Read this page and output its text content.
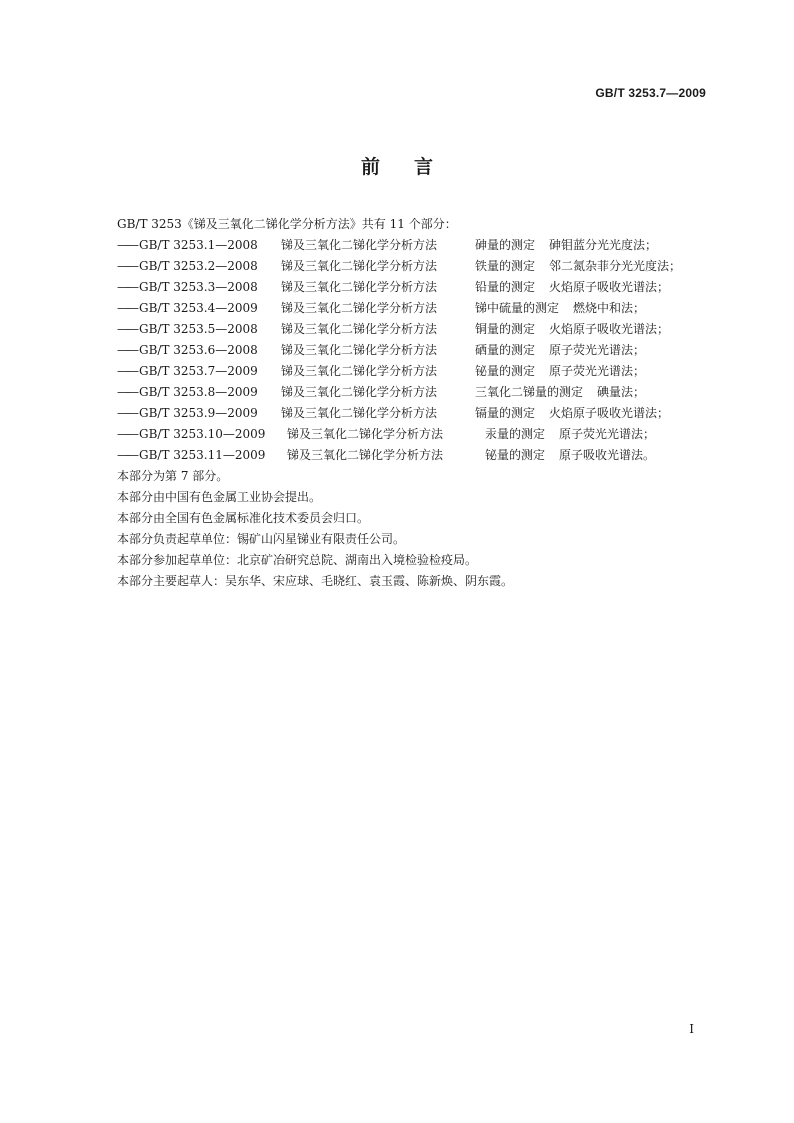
GB/T 3253.7—2009
前言
GB/T 3253《锑及三氧化二锑化学分析方法》共有 11 个部分：
—— GB/T 3253.1—2008 锑及三氧化二锑化学分析方法	砷量的测定 砷钼蓝分光光度法；
—— GB/T 3253.2—2008 锑及三氧化二锑化学分析方法	铁量的测定 邻二氮杂菲分光光度法；
—— GB/T 3253.3—2008 锑及三氧化二锑化学分析方法	铅量的测定 火焰原子吸收光谱法；
—— GB/T 3253.4—2009 锑及三氧化二锑化学分析方法	锑中硫量的测定 燃烧中和法；
—— GB/T 3253.5—2008 锑及三氧化二锑化学分析方法	铜量的测定 火焰原子吸收光谱法；
—— GB/T 3253.6—2008 锑及三氧化二锑化学分析方法	硒量的测定 原子荧光光谱法；
—— GB/T 3253.7—2009 锑及三氧化二锑化学分析方法	铋量的测定 原子荧光光谱法；
—— GB/T 3253.8—2009 锑及三氧化二锑化学分析方法	三氧化二锑量的测定 碘量法；
—— GB/T 3253.9—2009 锑及三氧化二锑化学分析方法	镉量的测定 火焰原子吸收光谱法；
—— GB/T 3253.10—2009 锑及三氧化二锑化学分析方法	汞量的测定 原子荧光光谱法；
—— GB/T 3253.11—2009 锑及三氧化二锑化学分析方法	铋量的测定 原子吸收光谱法。
本部分为第 7 部分。
本部分由中国有色金属工业协会提出。
本部分由全国有色金属标准化技术委员会归口。
本部分负责起草单位：锡矿山闪星锑业有限责任公司。
本部分参加起草单位：北京矿冶研究总院、湖南出入境检验检疫局。
本部分主要起草人：吴东华、宋应球、毛晓红、袁玉霞、陈新焕、阴东霞。
I
